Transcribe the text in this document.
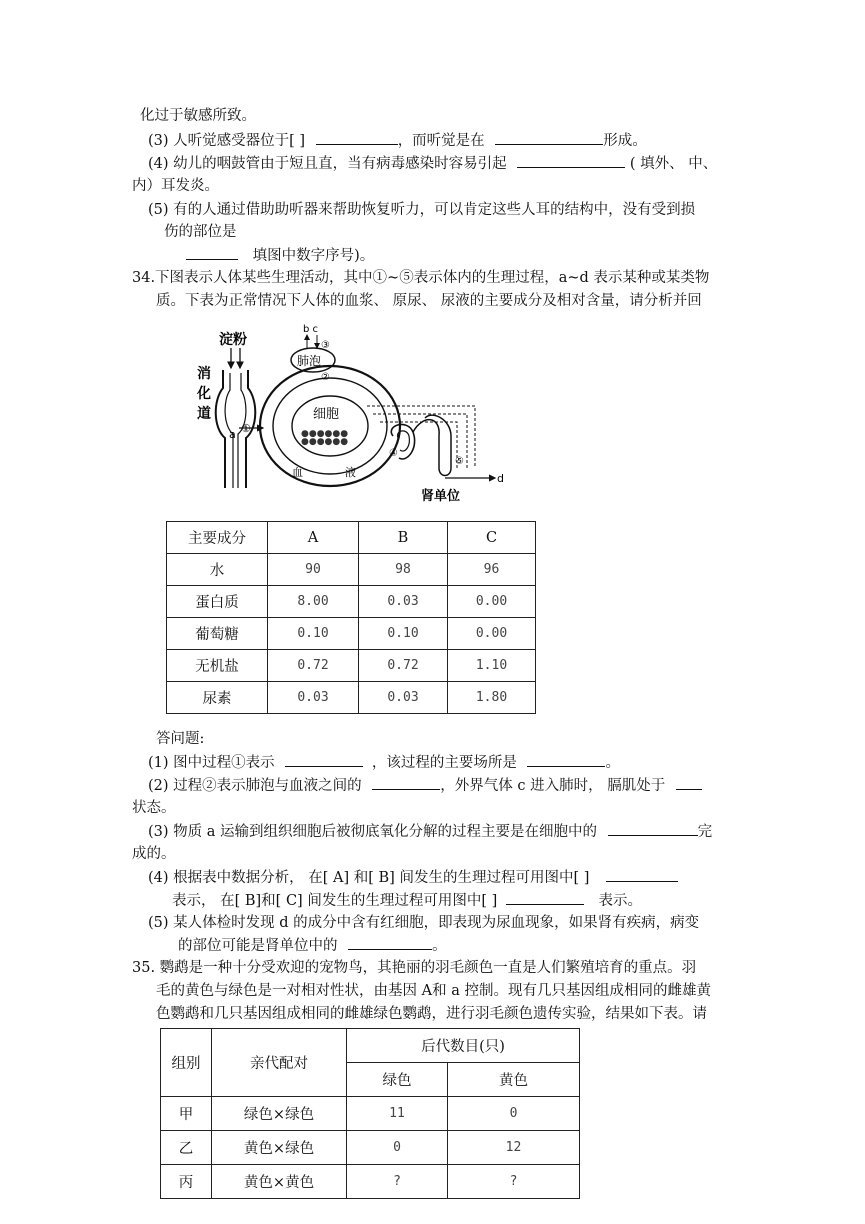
化过于敏感所致。
(3) 人听觉感受器位于[ ]	，而听觉是在	形成。
(4) 幼儿的咽鼓管由于短且直，当有病毒感染时容易引起	( 填外、 中、
内）耳发炎。
(5) 有的人通过借助助听器来帮助恢复听力，可以肯定这些人耳的结构中，没有受到损
伤的部位是
填图中数字序号)。
34.下图表示人体某些生理活动，其中①~⑤表示体内的生理过程，a~d 表示某种或某类物
质。下表为正常情况下人体的血浆、 原尿、 尿液的主要成分及相对含量，请分析并回
淀粉
消
化
道
a ①
细胞
●●●●●●
●●●●●●
血	液
肺泡
b c
③
②
④
⑤
d
肾单位
主要成分	A	B	C
水	90	98	96
蛋白质	8.00	0.03	0.00
葡萄糖	0.10	0.10	0.00
无机盐	0.72	0.72	1.10
尿素	0.03	0.03	1.80
答问题:
(1) 图中过程①表示	，该过程的主要场所是	。
(2) 过程②表示肺泡与血液之间的	，外界气体 c 进入肺时， 膈肌处于
状态。
(3) 物质 a 运输到组织细胞后被彻底氧化分解的过程主要是在细胞中的	完
成的。
(4) 根据表中数据分析， 在[ A] 和[ B] 间发生的生理过程可用图中[ ]
表示， 在[ B]和[ C] 间发生的生理过程可用图中[ ]	表示。
(5) 某人体检时发现 d 的成分中含有红细胞，即表现为尿血现象，如果肾有疾病，病变
的部位可能是肾单位中的	。
35. 鹦鹉是一种十分受欢迎的宠物鸟，其艳丽的羽毛颜色一直是人们繁殖培育的重点。羽
毛的黄色与绿色是一对相对性状，由基因 A和 a 控制。现有几只基因组成相同的雌雄黄
色鹦鹉和几只基因组成相同的雌雄绿色鹦鹉，进行羽毛颜色遗传实验，结果如下表。请
组别	亲代配对	后代数目(只)	
		绿色	黄色
甲	绿色×绿色	11	0
乙	黄色×绿色	0	12
丙	黄色×黄色	?	?
